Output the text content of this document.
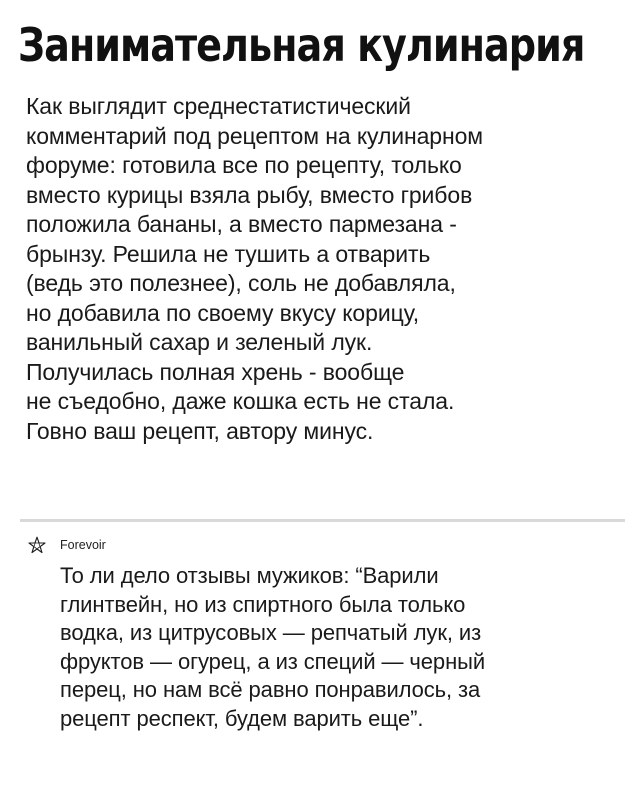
Занимательная кулинария
Как выглядит среднестатистический
комментарий под рецептом на кулинарном
форуме: готовила все по рецепту, только
вместо курицы взяла рыбу, вместо грибов
положила бананы, а вместо пармезана -
брынзу. Решила не тушить а отварить
(ведь это полезнее), соль не добавляла,
но добавила по своему вкусу корицу,
ванильный сахар и зеленый лук.
Получилась полная хрень - вообще
не съедобно, даже кошка есть не стала.
Говно ваш рецепт, автору минус.
Forevoir
То ли дело отзывы мужиков: “Варили
глинтвейн, но из спиртного была только
водка, из цитрусовых — репчатый лук, из
фруктов — огурец, а из специй — черный
перец, но нам всё равно понравилось, за
рецепт респект, будем варить еще”.
